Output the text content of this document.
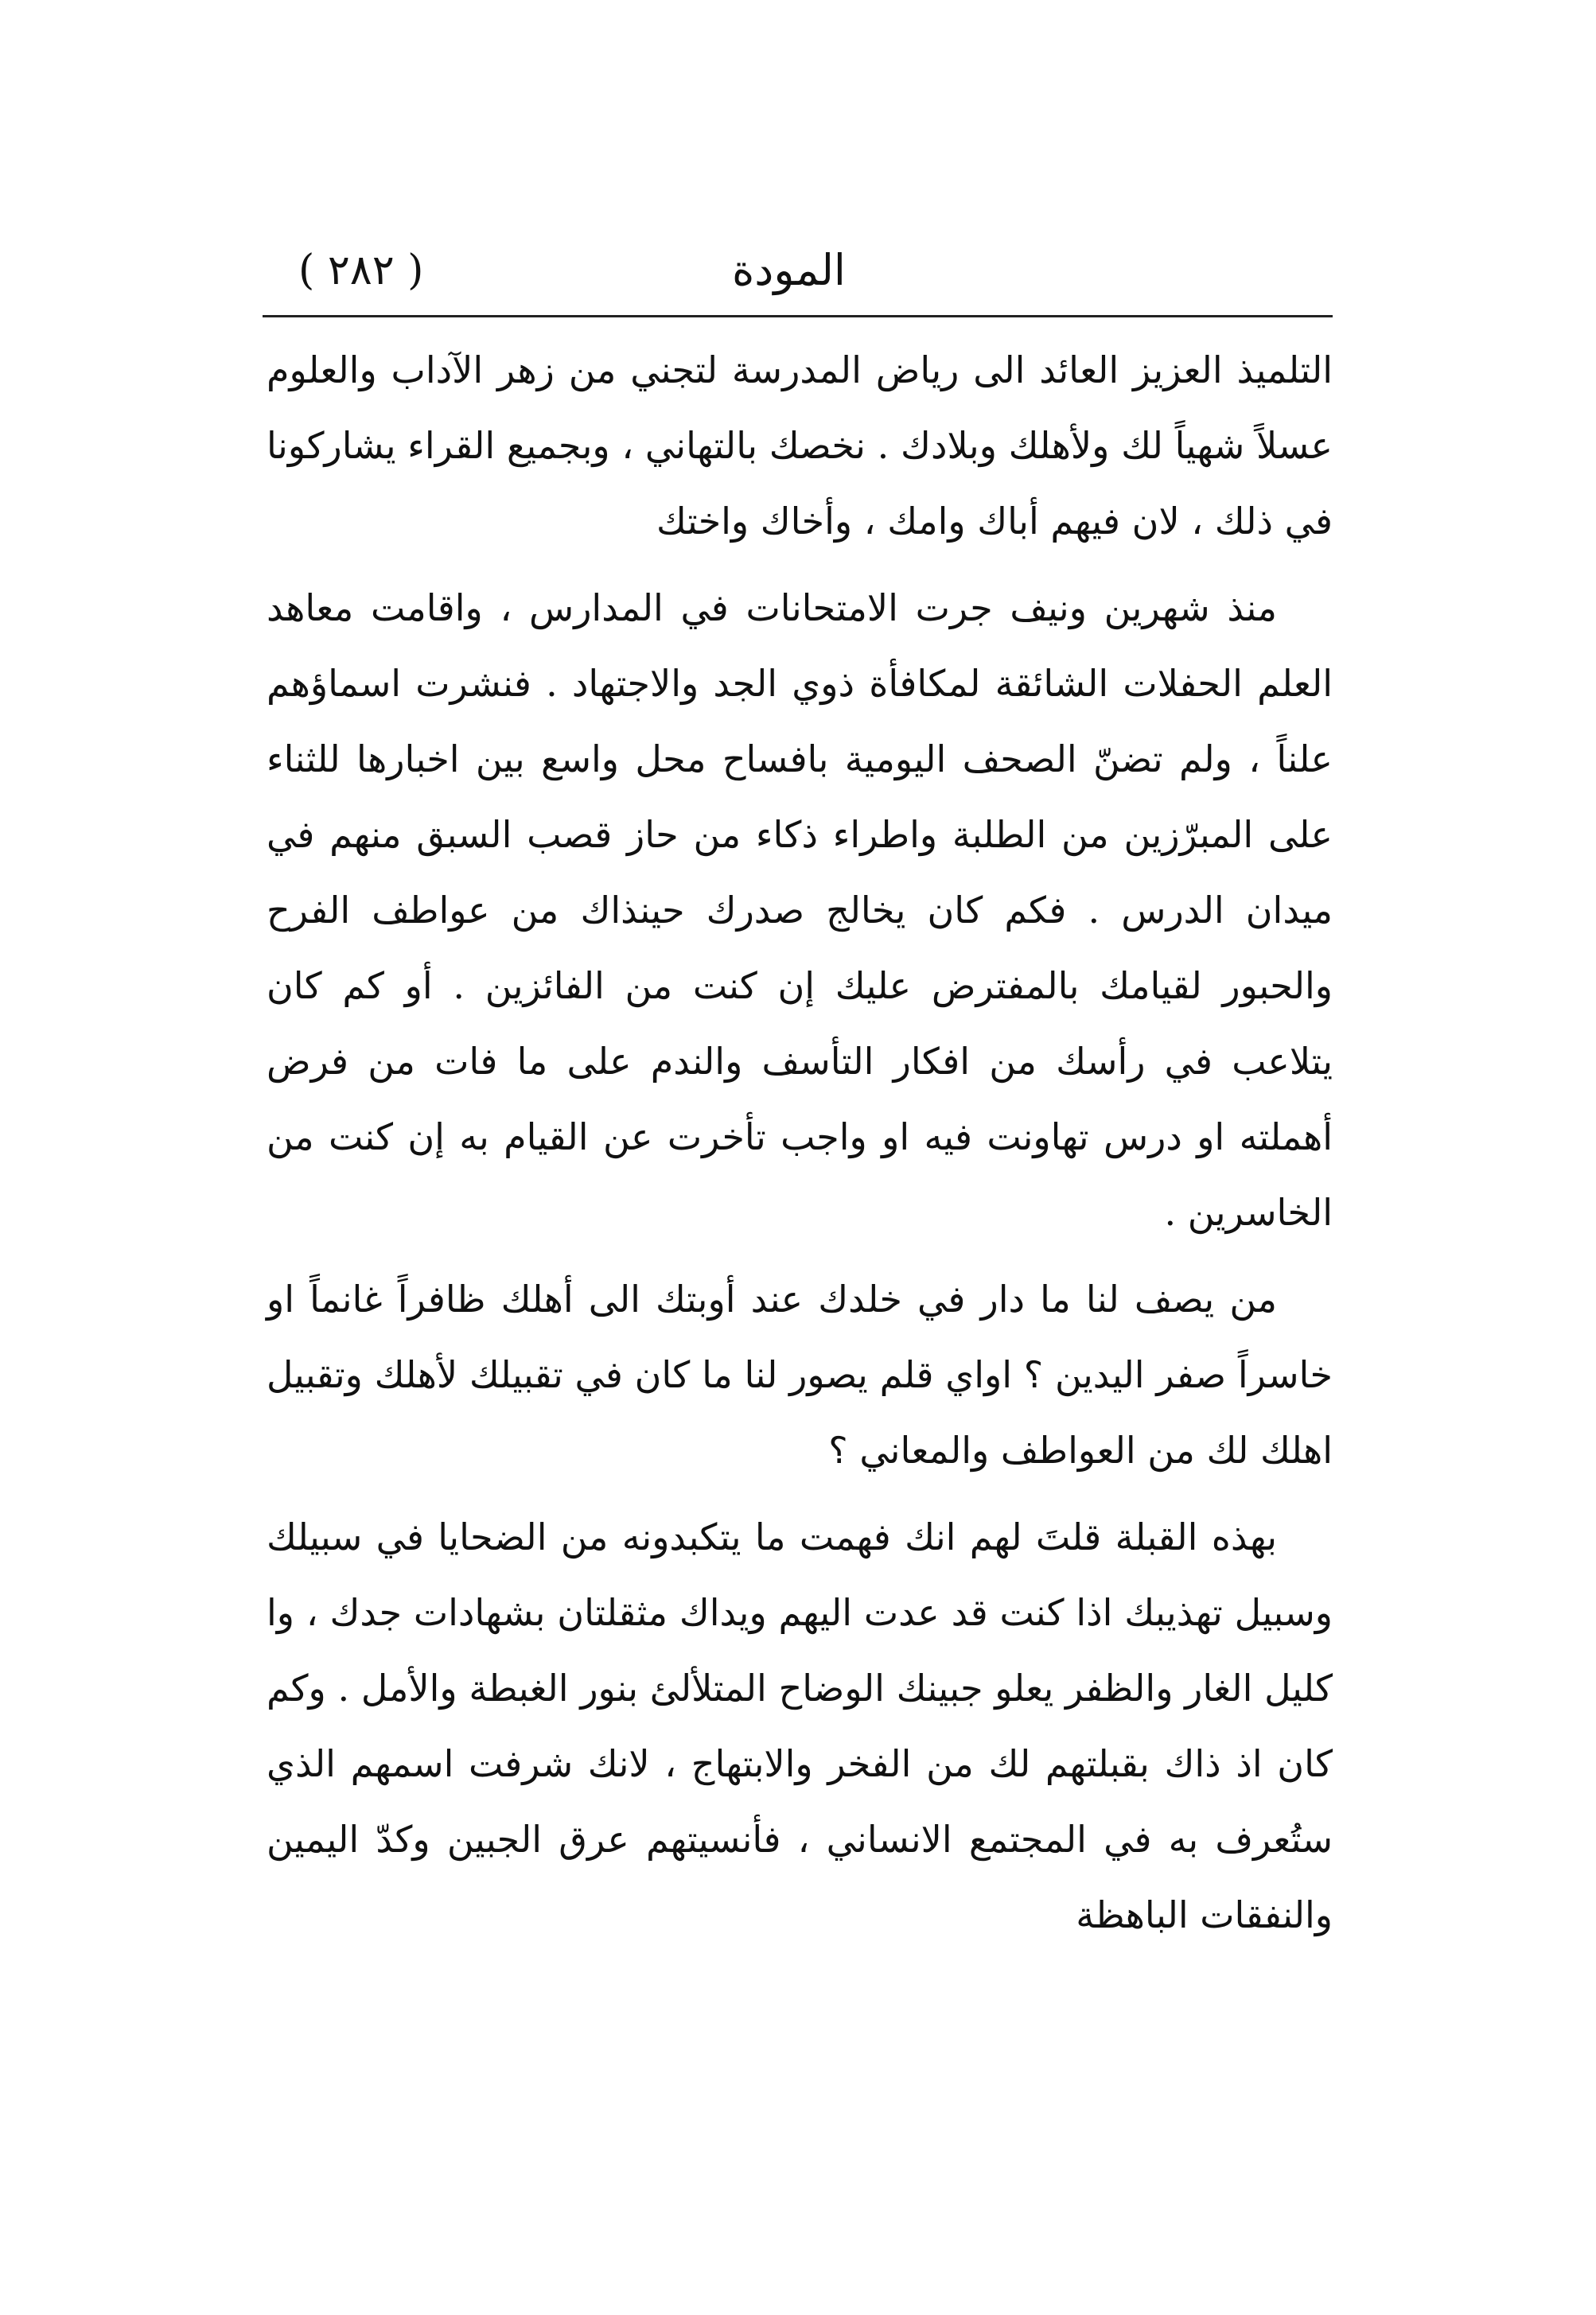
( ٢٨٢ )	المودة

التلميذ العزيز العائد الى رياض المدرسة لتجني من زهر الآداب والعلوم عسلاً شهياً لك ولأهلك وبلادك . نخصك بالتهاني ، وبجميع القراء يشاركونا في ذلك ، لان فيهم أباك وامك ، وأخاك واختك

منذ شهرين ونيف جرت الامتحانات في المدارس ، واقامت معاهد العلم الحفلات الشائقة لمكافأة ذوي الجد والاجتهاد . فنشرت اسماؤهم علناً ، ولم تضنّ الصحف اليومية بافساح محل واسع بين اخبارها للثناء على المبرّزين من الطلبة واطراء ذكاء من حاز قصب السبق منهم في ميدان الدرس . فكم كان يخالج صدرك حينذاك من عواطف الفرح والحبور لقيامك بالمفترض عليك إن كنت من الفائزين . أو كم كان يتلاعب في رأسك من افكار التأسف والندم على ما فات من فرض أهملته او درس تهاونت فيه او واجب تأخرت عن القيام به إن كنت من الخاسرين .

من يصف لنا ما دار في خلدك عند أوبتك الى أهلك ظافراً غانماً او خاسراً صفر اليدين ؟ اواي قلم يصور لنا ما كان في تقبيلك لأهلك وتقبيل اهلك لك من العواطف والمعاني ؟

بهذه القبلة قلتَ لهم انك فهمت ما يتكبدونه من الضحايا في سبيلك وسبيل تهذيبك اذا كنت قد عدت اليهم ويداك مثقلتان بشهادات جدك ، وا كليل الغار والظفر يعلو جبينك الوضاح المتلألئ بنور الغبطة والأمل . وكم كان اذ ذاك بقبلتهم لك من الفخر والابتهاج ، لانك شرفت اسمهم الذي ستُعرف به في المجتمع الانساني ، فأنسيتهم عرق الجبين وكدّ اليمين والنفقات الباهظة
